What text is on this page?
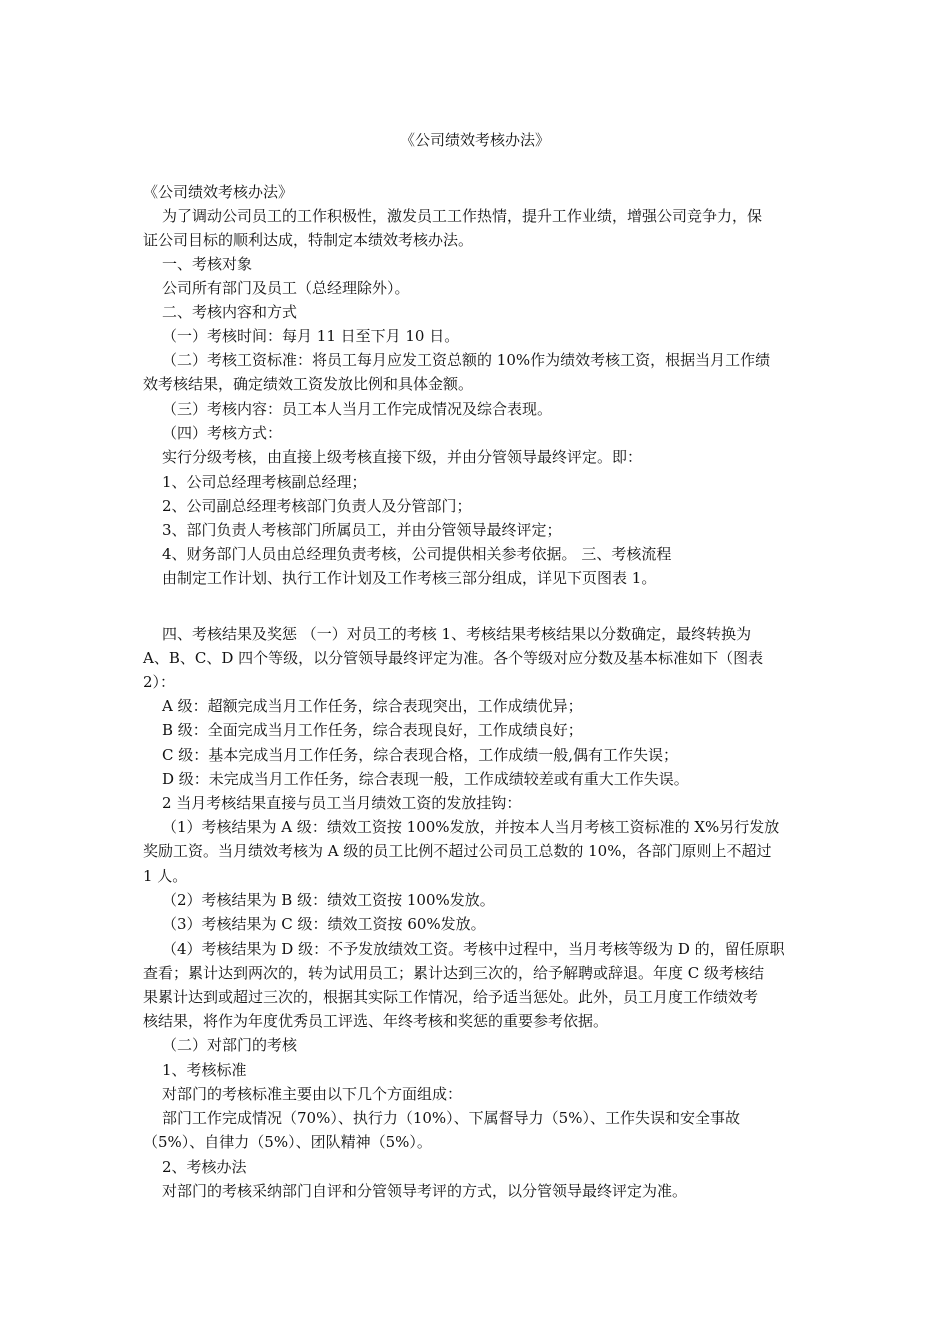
《公司绩效考核办法》
《公司绩效考核办法》
为了调动公司员工的工作积极性，激发员工工作热情，提升工作业绩，增强公司竞争力，保
证公司目标的顺利达成，特制定本绩效考核办法。
一、考核对象
公司所有部门及员工（总经理除外）。
二、考核内容和方式
（一）考核时间：每月 11 日至下月 10 日。
（二）考核工资标准：将员工每月应发工资总额的 10%作为绩效考核工资，根据当月工作绩
效考核结果，确定绩效工资发放比例和具体金额。
（三）考核内容：员工本人当月工作完成情况及综合表现。
（四）考核方式：
实行分级考核，由直接上级考核直接下级，并由分管领导最终评定。即：
1、公司总经理考核副总经理；
2、公司副总经理考核部门负责人及分管部门；
3、部门负责人考核部门所属员工，并由分管领导最终评定；
4、财务部门人员由总经理负责考核，公司提供相关参考依据。 三、考核流程
由制定工作计划、执行工作计划及工作考核三部分组成，详见下页图表 1。
四、考核结果及奖惩 （一）对员工的考核 1、考核结果考核结果以分数确定，最终转换为
A、B、C、D 四个等级，以分管领导最终评定为准。各个等级对应分数及基本标准如下（图表
2）：
A 级：超额完成当月工作任务，综合表现突出，工作成绩优异；
B 级：全面完成当月工作任务，综合表现良好，工作成绩良好；
C 级：基本完成当月工作任务，综合表现合格，工作成绩一般,偶有工作失误；
D 级：未完成当月工作任务，综合表现一般，工作成绩较差或有重大工作失误。
2 当月考核结果直接与员工当月绩效工资的发放挂钩：
（1）考核结果为 A 级：绩效工资按 100%发放，并按本人当月考核工资标准的 X%另行发放
奖励工资。当月绩效考核为 A 级的员工比例不超过公司员工总数的 10%，各部门原则上不超过
1 人。
（2）考核结果为 B 级：绩效工资按 100%发放。
（3）考核结果为 C 级：绩效工资按 60%发放。
（4）考核结果为 D 级：不予发放绩效工资。考核中过程中，当月考核等级为 D 的，留任原职
查看；累计达到两次的，转为试用员工；累计达到三次的，给予解聘或辞退。年度 C 级考核结
果累计达到或超过三次的，根据其实际工作情况，给予适当惩处。此外，员工月度工作绩效考
核结果，将作为年度优秀员工评选、年终考核和奖惩的重要参考依据。
（二）对部门的考核
1、考核标准
对部门的考核标准主要由以下几个方面组成：
部门工作完成情况（70%）、执行力（10%）、下属督导力（5%）、工作失误和安全事故
（5%）、自律力（5%）、团队精神（5%）。
2、考核办法
对部门的考核采纳部门自评和分管领导考评的方式，以分管领导最终评定为准。
